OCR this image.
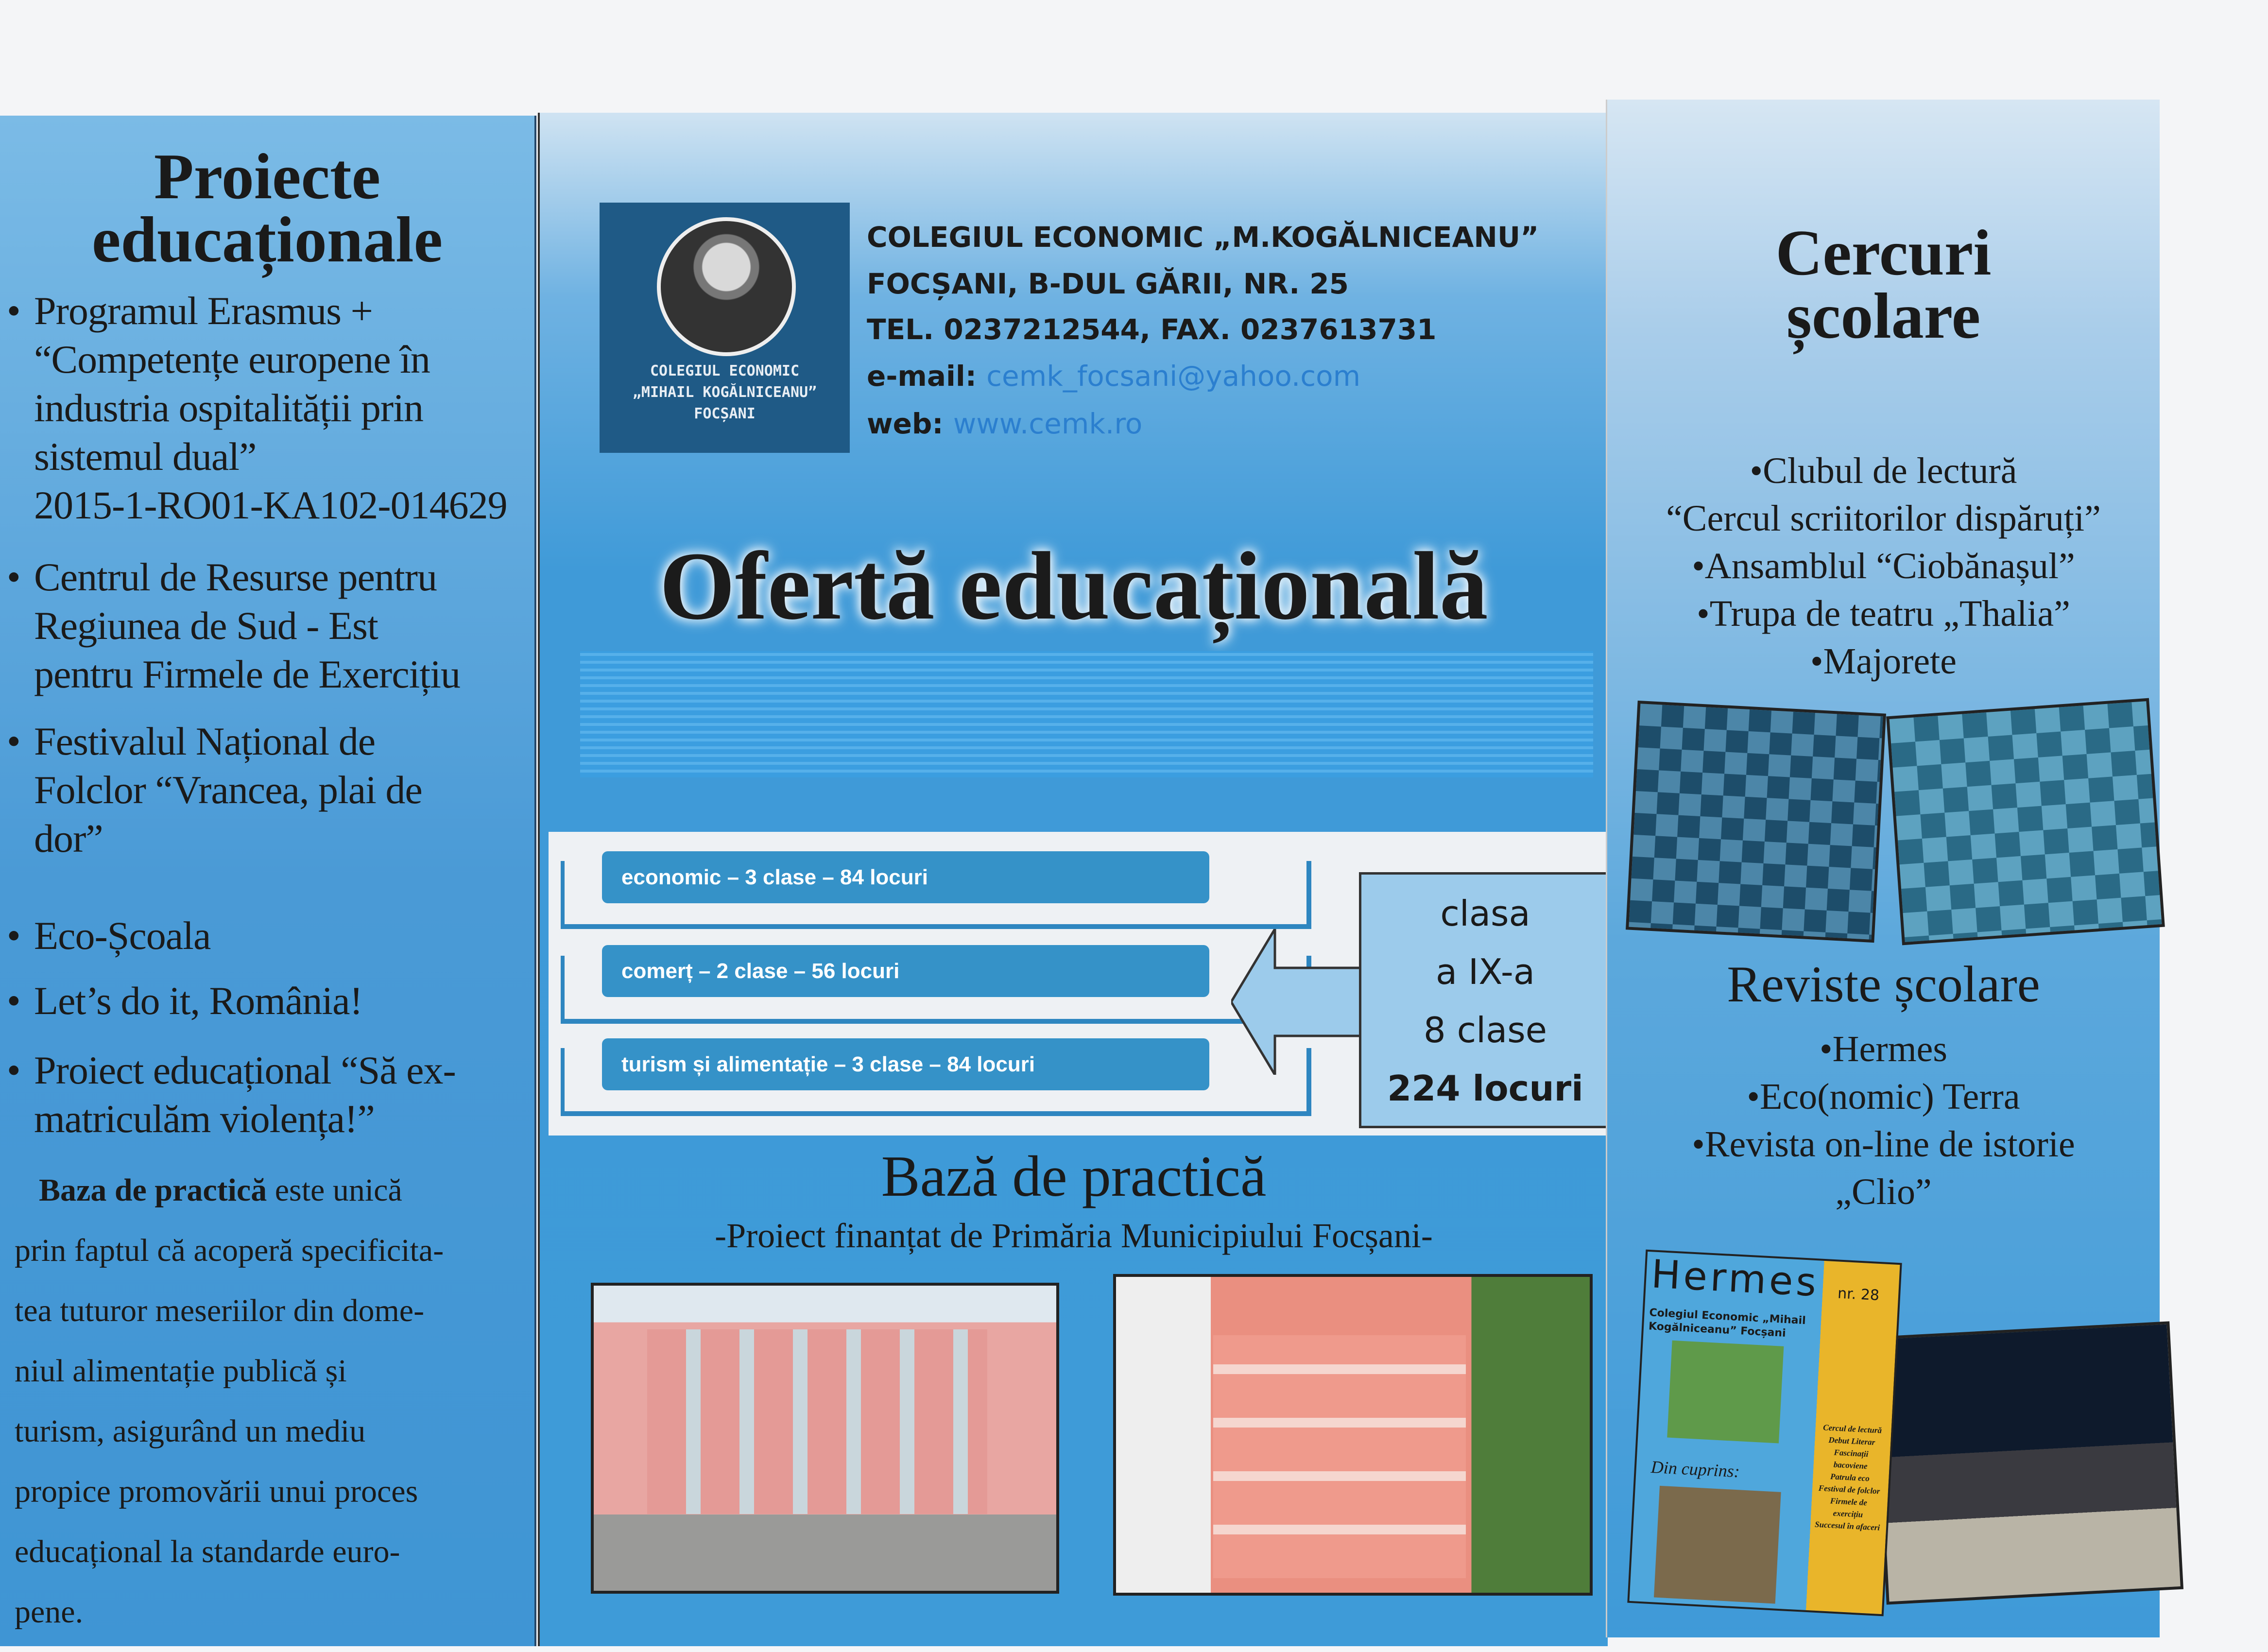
Proiecte
educaționale
• Programul Erasmus +
“Competențe europene în
industria ospitalității prin
sistemul dual”
2015-1-RO01-KA102-014629
• Centrul de Resurse pentru
Regiunea de Sud - Est
pentru Firmele de Exercițiu
• Festivalul Național de
Folclor “Vrancea, plai de
dor”
• Eco-Școala
• Let’s do it, România!
• Proiect educațional “Să ex-
matriculăm violența!”
Baza de practică este unică
prin faptul că acoperă specificita-
tea tuturor meseriilor din dome-
niul alimentație publică și
turism, asigurând un mediu
propice promovării unui proces
educațional la standarde euro-
pene.
COLEGIUL ECONOMIC
„MIHAIL KOGĂLNICEANU”
FOCȘANI
COLEGIUL ECONOMIC „M.KOGĂLNICEANU”
FOCȘANI, B-DUL GĂRII, NR. 25
TEL. 0237212544, FAX. 0237613731
e-mail: cemk_focsani@yahoo.com
web: www.cemk.ro
Ofertă educațională
economic – 3 clase – 84 locuri
comerț – 2 clase – 56 locuri
turism și alimentație – 3 clase – 84 locuri
clasa
a IX-a
8 clase
224 locuri
Bază de practică
-Proiect finanțat de Primăria Municipiului Focșani-
Cercuri
școlare
•Clubul de lectură
“Cercul scriitorilor dispăruți”
•Ansamblul “Ciobănașul”
•Trupa de teatru „Thalia”
•Majorete
Reviste școlare
•Hermes
•Eco(nomic) Terra
•Revista on-line de istorie
„Clio”
Hermes nr. 28
Colegiul Economic „Mihail Kogălniceanu” Focșani
Din cuprins:
Cercul de lectură
Debut Literar
Fascinații
bacoviene
Patrula eco
Festival de folclor
Firmele de
exercițiu
Succesul în afaceri
